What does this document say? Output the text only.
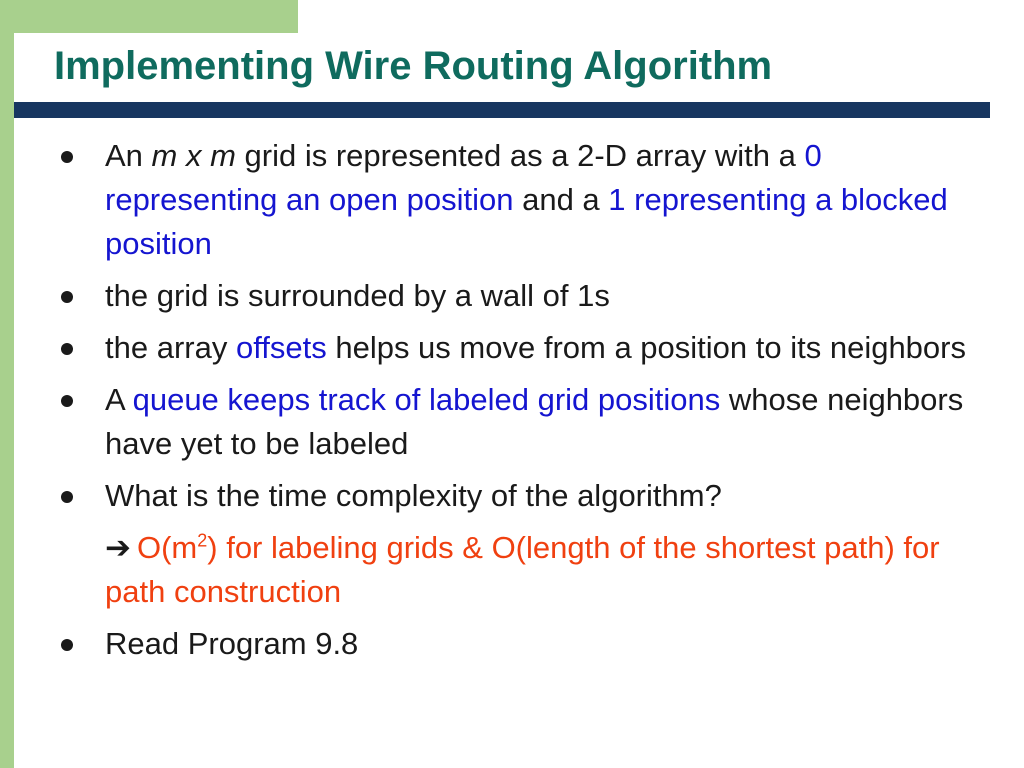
Implementing Wire Routing Algorithm
An m x m grid is represented as a 2-D array with a 0 representing an open position and a 1 representing a blocked position
the grid is surrounded by a wall of 1s
the array offsets helps us move from a position to its neighbors
A queue keeps track of labeled grid positions whose neighbors have yet to be labeled
What is the time complexity of the algorithm?
➔ $O(m^2)$ for labeling grids & O(length of the shortest path) for path construction
Read Program 9.8
